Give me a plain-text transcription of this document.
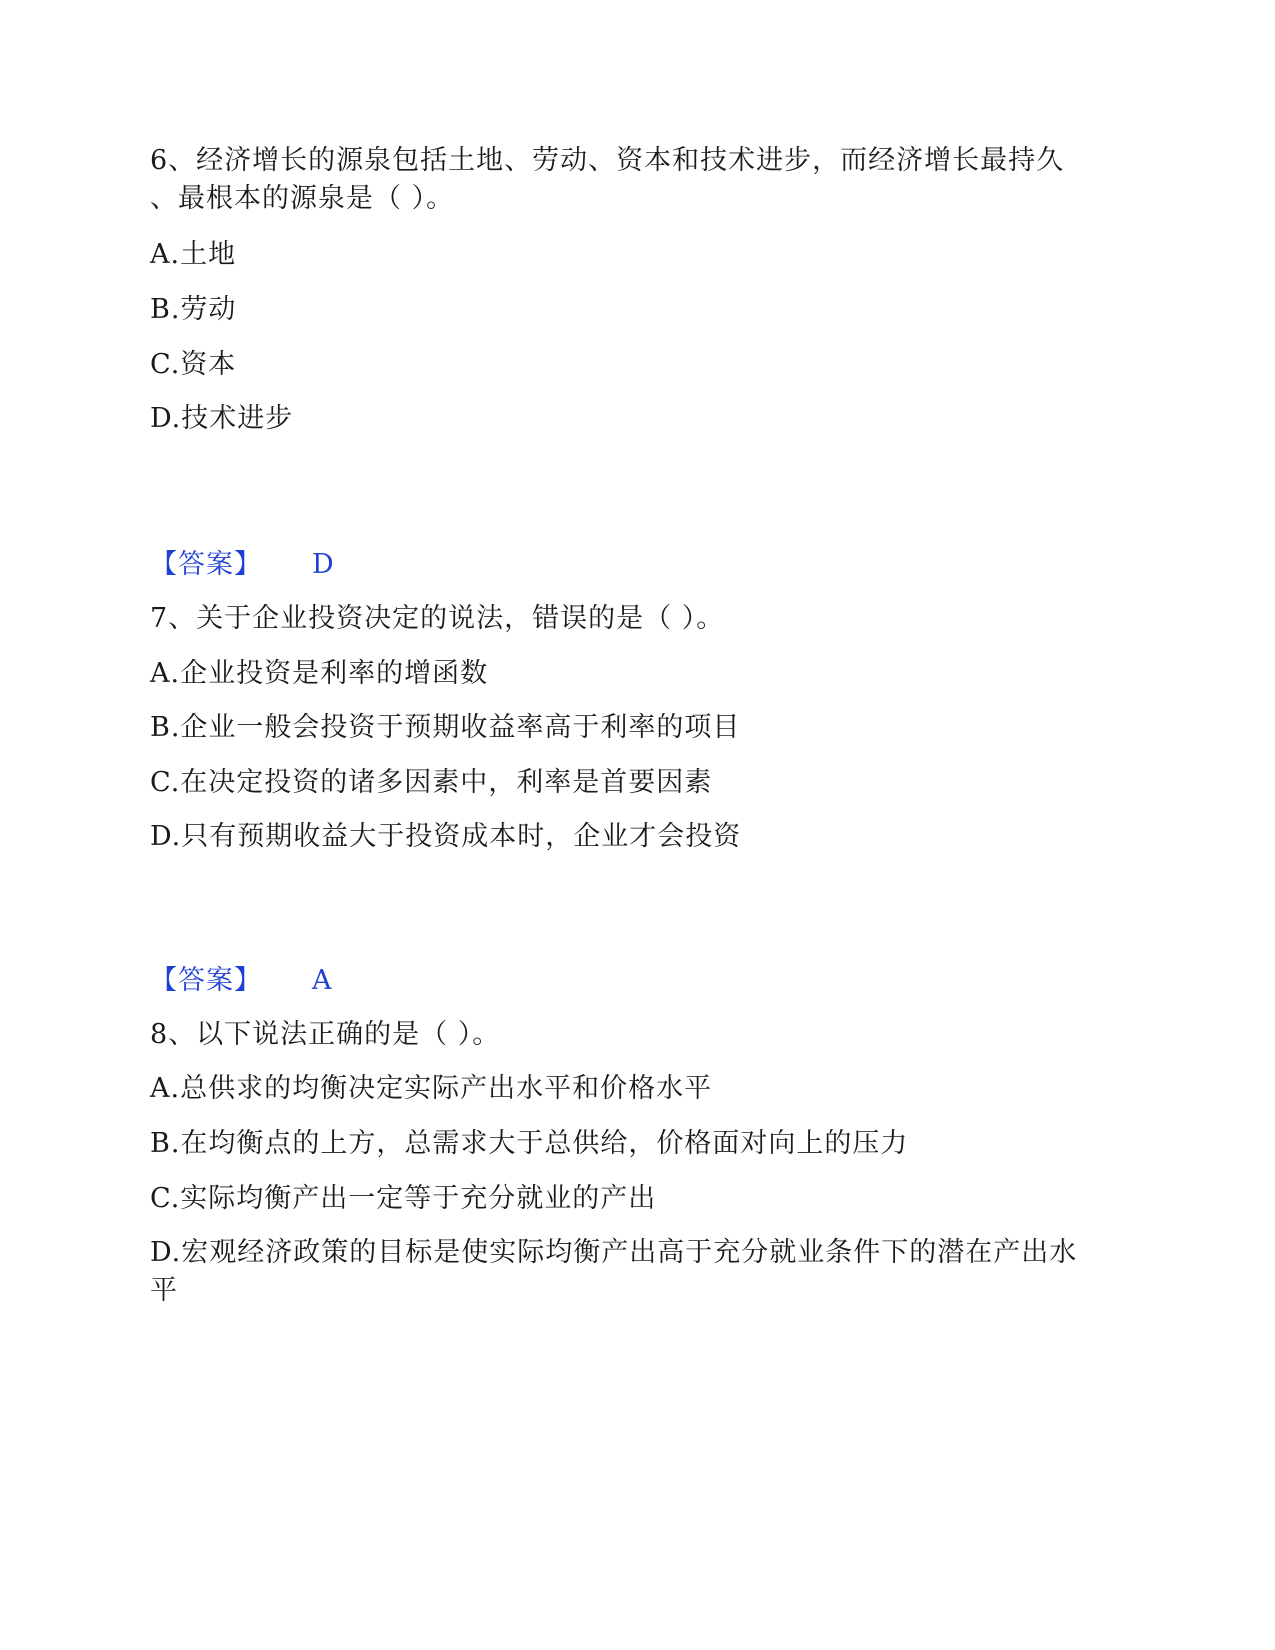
6、经济增长的源泉包括土地、劳动、资本和技术进步，而经济增长最持久
、最根本的源泉是（ ）。
A.土地
B.劳动
C.资本
D.技术进步
【答案】 D
7、关于企业投资决定的说法，错误的是（ ）。
A.企业投资是利率的增函数
B.企业一般会投资于预期收益率高于利率的项目
C.在决定投资的诸多因素中，利率是首要因素
D.只有预期收益大于投资成本时，企业才会投资
【答案】 A
8、以下说法正确的是（ ）。
A.总供求的均衡决定实际产出水平和价格水平
B.在均衡点的上方，总需求大于总供给，价格面对向上的压力
C.实际均衡产出一定等于充分就业的产出
D.宏观经济政策的目标是使实际均衡产出高于充分就业条件下的潜在产出水
平
